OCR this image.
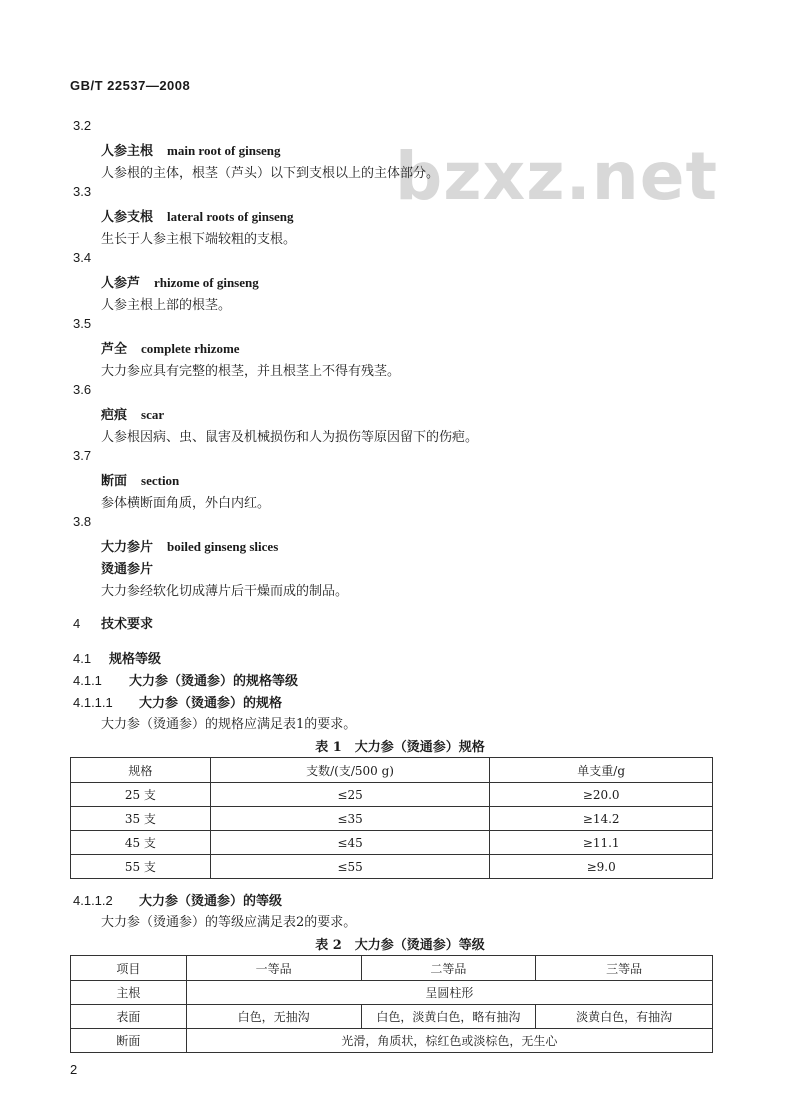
GB/T 22537—2008
bzxz.net
3.2
人参主根 main root of ginseng
人参根的主体，根茎（芦头）以下到支根以上的主体部分。
3.3
人参支根 lateral roots of ginseng
生长于人参主根下端较粗的支根。
3.4
人参芦 rhizome of ginseng
人参主根上部的根茎。
3.5
芦全 complete rhizome
大力参应具有完整的根茎，并且根茎上不得有残茎。
3.6
疤痕 scar
人参根因病、虫、鼠害及机械损伤和人为损伤等原因留下的伤疤。
3.7
断面 section
参体横断面角质，外白内红。
3.8
大力参片 boiled ginseng slices
烫通参片
大力参经软化切成薄片后干燥而成的制品。
4 技术要求
4.1 规格等级
4.1.1 大力参（烫通参）的规格等级
4.1.1.1 大力参（烫通参）的规格
大力参（烫通参）的规格应满足表1的要求。
表 1　大力参（烫通参）规格
规格	支数/(支/500 g)	单支重/g
25 支	≤25	≥20.0
35 支	≤35	≥14.2
45 支	≤45	≥11.1
55 支	≤55	≥9.0
4.1.1.2 大力参（烫通参）的等级
大力参（烫通参）的等级应满足表2的要求。
表 2　大力参（烫通参）等级
项目	一等品	二等品	三等品
主根	呈圆柱形		
表面	白色，无抽沟	白色，淡黄白色，略有抽沟	淡黄白色，有抽沟
断面	光滑，角质状，棕红色或淡棕色，无生心		
2
